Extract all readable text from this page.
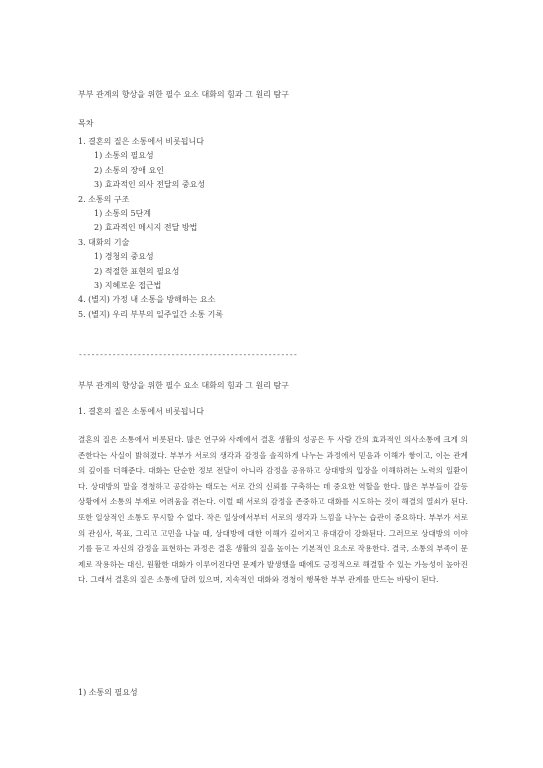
부부 관계의 향상을 위한 필수 요소 대화의 힘과 그 원리 탐구
목차
1. 결혼의 질은 소통에서 비롯됩니다
1) 소통의 필요성
2) 소통의 장애 요인
3) 효과적인 의사 전달의 중요성
2. 소통의 구조
1) 소통의 5단계
2) 효과적인 메시지 전달 방법
3. 대화의 기술
1) 경청의 중요성
2) 적절한 표현의 필요성
3) 지혜로운 접근법
4. (별지) 가정 내 소통을 방해하는 요소
5. (별지) 우리 부부의 일주일간 소통 기록
----------------------------------------------------
부부 관계의 향상을 위한 필수 요소 대화의 힘과 그 원리 탐구
1. 결혼의 질은 소통에서 비롯됩니다

결혼의 질은 소통에서 비롯된다. 많은 연구와 사례에서 결혼 생활의 성공은 두 사람 간의 효과적인 의사소통에 크게 의존한다는 사실이 밝혀졌다. 부부가 서로의 생각과 감정을 솔직하게 나누는 과정에서 믿음과 이해가 쌓이고, 이는 관계의 깊이를 더해준다. 대화는 단순한 정보 전달이 아니라 감정을 공유하고 상대방의 입장을 이해하려는 노력의 일환이다. 상대방의 말을 경청하고 공감하는 태도는 서로 간의 신뢰를 구축하는 데 중요한 역할을 한다. 많은 부부들이 갈등 상황에서 소통의 부재로 어려움을 겪는다. 이럴 때 서로의 감정을 존중하고 대화를 시도하는 것이 해결의 열쇠가 된다. 또한 일상적인 소통도 무시할 수 없다. 작은 일상에서부터 서로의 생각과 느낌을 나누는 습관이 중요하다. 부부가 서로의 관심사, 목표, 그리고 고민을 나눌 때, 상대방에 대한 이해가 깊어지고 유대감이 강화된다. 그러므로 상대방의 이야기를 듣고 자신의 감정을 표현하는 과정은 결혼 생활의 질을 높이는 기본적인 요소로 작용한다. 결국, 소통의 부족이 문제로 작용하는 대신, 원활한 대화가 이루어진다면 문제가 발생했을 때에도 긍정적으로 해결할 수 있는 가능성이 높아진다. 그래서 결혼의 질은 소통에 달려 있으며, 지속적인 대화와 경청이 행복한 부부 관계를 만드는 바탕이 된다.

1) 소통의 필요성
